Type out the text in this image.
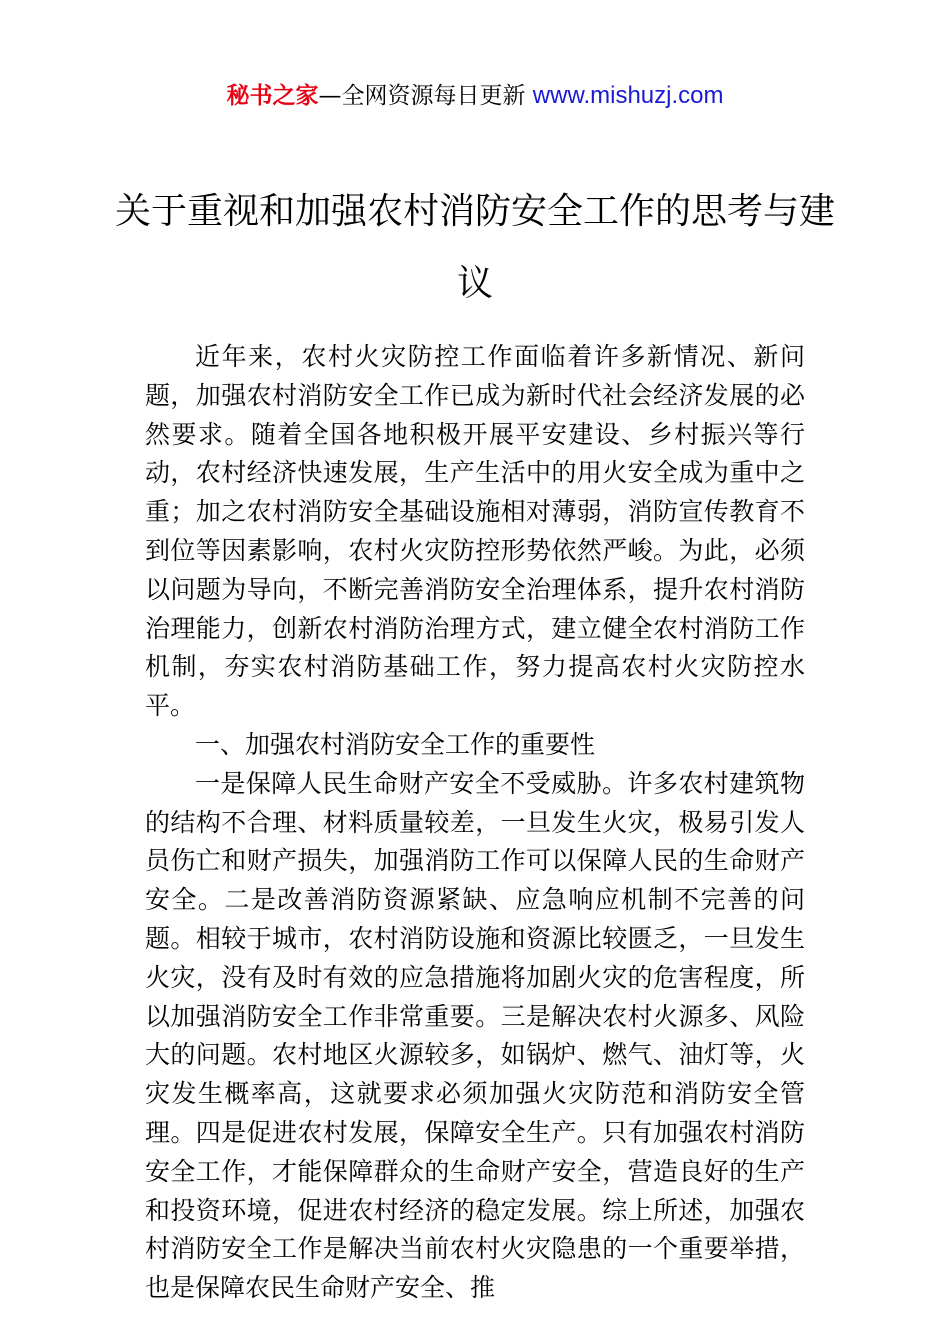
秘书之家—全网资源每日更新 www.mishuzj.com
关于重视和加强农村消防安全工作的思考与建议

近年来，农村火灾防控工作面临着许多新情况、新问题，加强农村消防安全工作已成为新时代社会经济发展的必然要求。随着全国各地积极开展平安建设、乡村振兴等行动，农村经济快速发展，生产生活中的用火安全成为重中之重；加之农村消防安全基础设施相对薄弱，消防宣传教育不到位等因素影响，农村火灾防控形势依然严峻。为此，必须以问题为导向，不断完善消防安全治理体系，提升农村消防治理能力，创新农村消防治理方式，建立健全农村消防工作机制，夯实农村消防基础工作，努力提高农村火灾防控水平。

一、加强农村消防安全工作的重要性

一是保障人民生命财产安全不受威胁。许多农村建筑物的结构不合理、材料质量较差，一旦发生火灾，极易引发人员伤亡和财产损失，加强消防工作可以保障人民的生命财产安全。二是改善消防资源紧缺、应急响应机制不完善的问题。相较于城市，农村消防设施和资源比较匮乏，一旦发生火灾，没有及时有效的应急措施将加剧火灾的危害程度，所以加强消防安全工作非常重要。三是解决农村火源多、风险大的问题。农村地区火源较多，如锅炉、燃气、油灯等，火灾发生概率高，这就要求必须加强火灾防范和消防安全管理。四是促进农村发展，保障安全生产。只有加强农村消防安全工作，才能保障群众的生命财产安全，营造良好的生产和投资环境，促进农村经济的稳定发展。综上所述，加强农村消防安全工作是解决当前农村火灾隐患的一个重要举措，也是保障农民生命财产安全、推
